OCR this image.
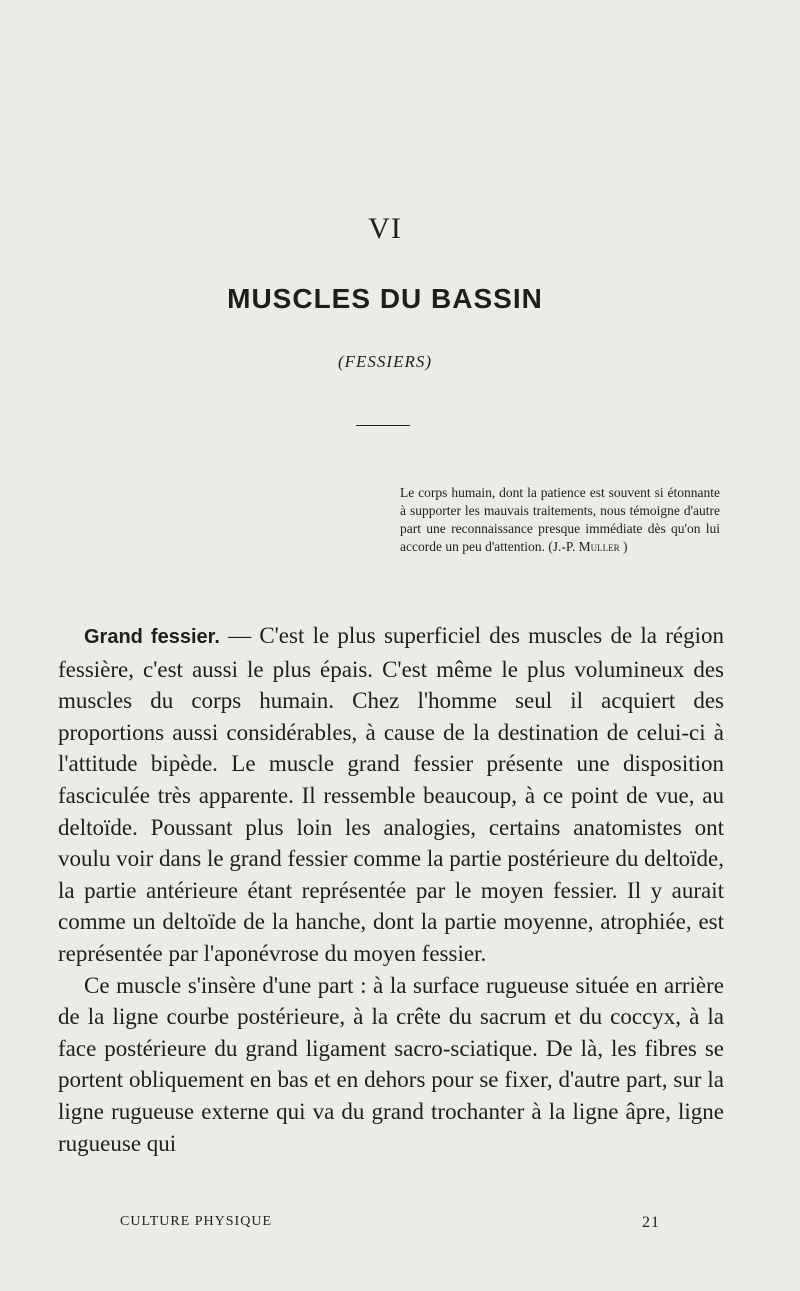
VI
MUSCLES DU BASSIN
(FESSIERS)
Le corps humain, dont la patience est souvent si étonnante à supporter les mauvais traitements, nous témoigne d'autre part une reconnaissance presque immédiate dès qu'on lui accorde un peu d'attention. (J.-P. Muller )

Grand fessier. — C'est le plus superficiel des muscles de la région fessière, c'est aussi le plus épais. C'est même le plus volumineux des muscles du corps humain. Chez l'homme seul il acquiert des proportions aussi considérables, à cause de la destination de celui-ci à l'attitude bipède. Le muscle grand fessier présente une disposition fasciculée très apparente. Il ressemble beaucoup, à ce point de vue, au deltoïde. Poussant plus loin les analogies, certains anatomistes ont voulu voir dans le grand fessier comme la partie postérieure du deltoïde, la partie antérieure étant représentée par le moyen fessier. Il y aurait comme un deltoïde de la hanche, dont la partie moyenne, atrophiée, est représentée par l'aponévrose du moyen fessier.

Ce muscle s'insère d'une part : à la surface rugueuse située en arrière de la ligne courbe postérieure, à la crête du sacrum et du coccyx, à la face postérieure du grand ligament sacro-sciatique. De là, les fibres se portent obliquement en bas et en dehors pour se fixer, d'autre part, sur la ligne rugueuse externe qui va du grand trochanter à la ligne âpre, ligne rugueuse qui

CULTURE PHYSIQUE	21
